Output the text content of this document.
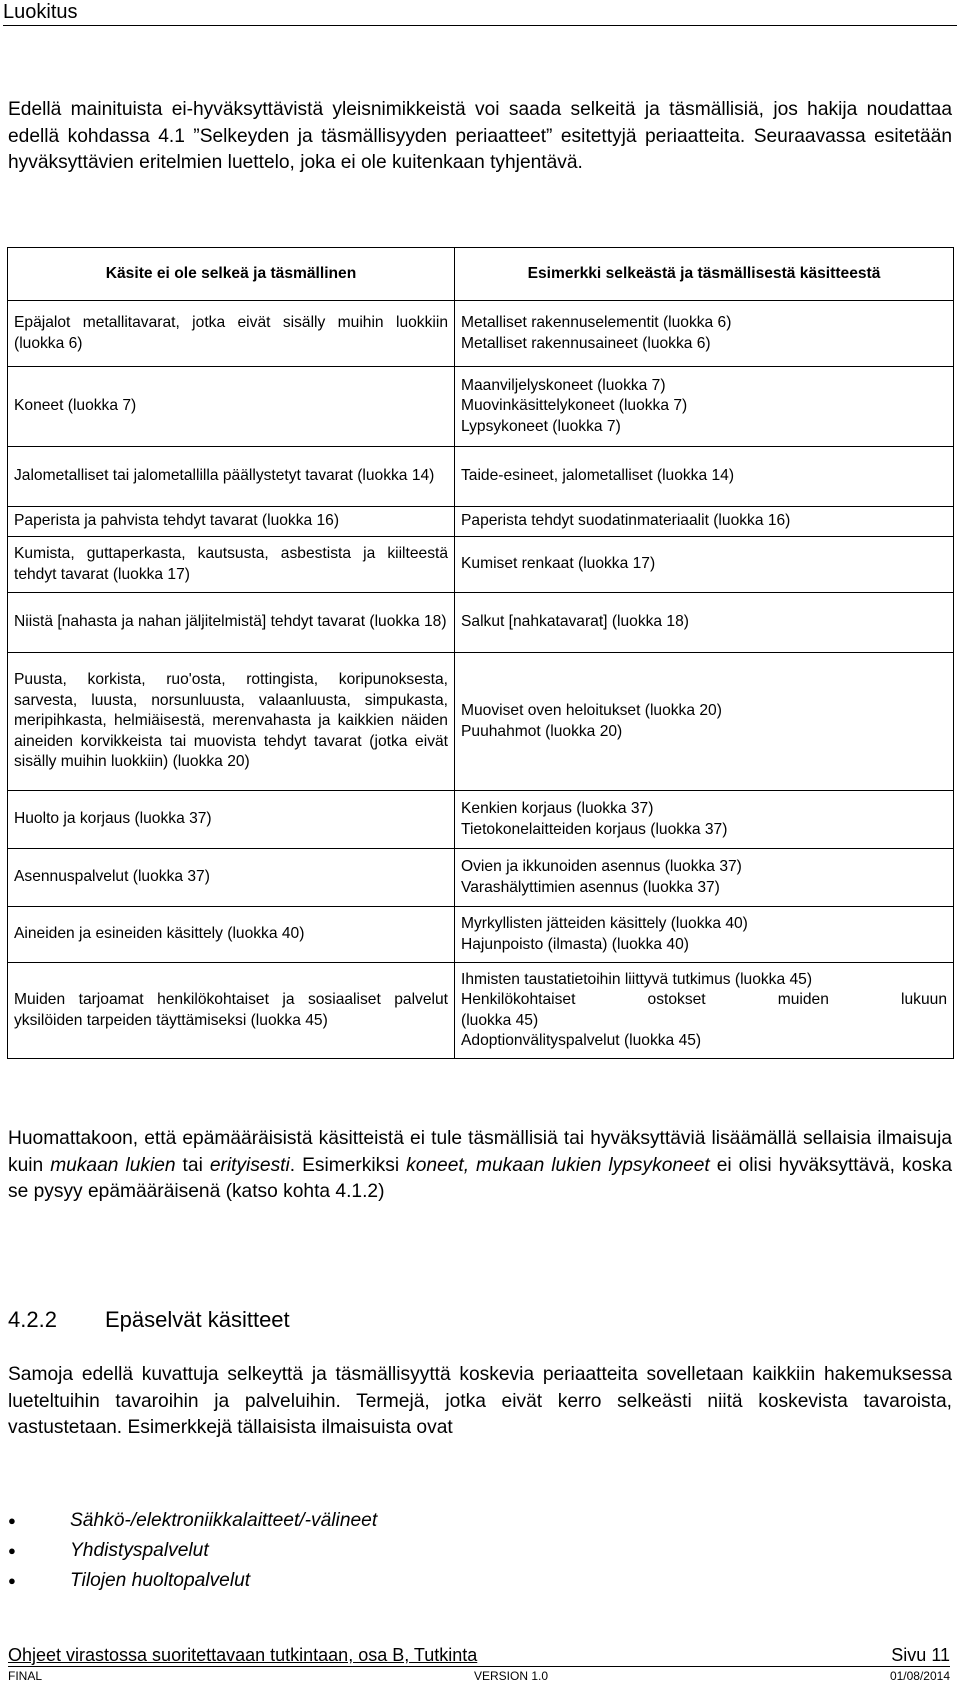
Luokitus
Edellä mainituista ei-hyväksyttävistä yleisnimikkeistä voi saada selkeitä ja täsmällisiä, jos hakija noudattaa edellä kohdassa 4.1 ”Selkeyden ja täsmällisyyden periaatteet” esitettyjä periaatteita. Seuraavassa esitetään hyväksyttävien eritelmien luettelo, joka ei ole kuitenkaan tyhjentävä.
Käsite ei ole selkeä ja täsmällinen	Esimerkki selkeästä ja täsmällisestä käsitteestä
Epäjalot metallitavarat, jotka eivät sisälly muihin luokkiin (luokka 6)	Metalliset rakennuselementit (luokka 6)
Metalliset rakennusaineet (luokka 6)

Koneet (luokka 7)	Maanviljelyskoneet (luokka 7)
Muovinkäsittelykoneet (luokka 7)
Lypsykoneet (luokka 7)

Jalometalliset tai jalometallilla päällystetyt tavarat (luokka 14)	Taide-esineet, jalometalliset (luokka 14)

Paperista ja pahvista tehdyt tavarat (luokka 16)	Paperista tehdyt suodatinmateriaalit (luokka 16)

Kumista, guttaperkasta, kautsusta, asbestista ja kiilteestä tehdyt tavarat (luokka 17)	Kumiset renkaat (luokka 17)

Niistä [nahasta ja nahan jäljitelmistä] tehdyt tavarat (luokka 18)	Salkut [nahkatavarat] (luokka 18)

Puusta, korkista, ruo'osta, rottingista, koripunoksesta, sarvesta, luusta, norsunluusta, valaanluusta, simpukasta, meripihkasta, helmiäisestä, merenvahasta ja kaikkien näiden aineiden korvikkeista tai muovista tehdyt tavarat (jotka eivät sisälly muihin luokkiin) (luokka 20)	Muoviset oven heloitukset (luokka 20)
Puuhahmot (luokka 20)

Huolto ja korjaus (luokka 37)	Kenkien korjaus (luokka 37)
Tietokonelaitteiden korjaus (luokka 37)

Asennuspalvelut (luokka 37)	Ovien ja ikkunoiden asennus (luokka 37)
Varashälyttimien asennus (luokka 37)

Aineiden ja esineiden käsittely (luokka 40)	Myrkyllisten jätteiden käsittely (luokka 40)
Hajunpoisto (ilmasta) (luokka 40)

Muiden tarjoamat henkilökohtaiset ja sosiaaliset palvelut yksilöiden tarpeiden täyttämiseksi (luokka 45)	Ihmisten taustatietoihin liittyvä tutkimus (luokka 45)
Henkilökohtaiset ostokset muiden lukuun
(luokka 45)
Adoptionvälityspalvelut (luokka 45)
Huomattakoon, että epämääräisistä käsitteistä ei tule täsmällisiä tai hyväksyttäviä lisäämällä sellaisia ilmaisuja kuin mukaan lukien tai erityisesti. Esimerkiksi koneet, mukaan lukien lypsykoneet ei olisi hyväksyttävä, koska se pysyy epämääräisenä (katso kohta 4.1.2)
4.2.2 Epäselvät käsitteet
Samoja edellä kuvattuja selkeyttä ja täsmällisyyttä koskevia periaatteita sovelletaan kaikkiin hakemuksessa lueteltuihin tavaroihin ja palveluihin. Termejä, jotka eivät kerro selkeästi niitä koskevista tavaroista, vastustetaan. Esimerkkejä tällaisista ilmaisuista ovat
● Sähkö-/elektroniikkalaitteet/-välineet
● Yhdistyspalvelut
● Tilojen huoltopalvelut
Ohjeet virastossa suoritettavaan tutkintaan, osa B, Tutkinta	Sivu 11
FINAL	VERSION 1.0	01/08/2014
